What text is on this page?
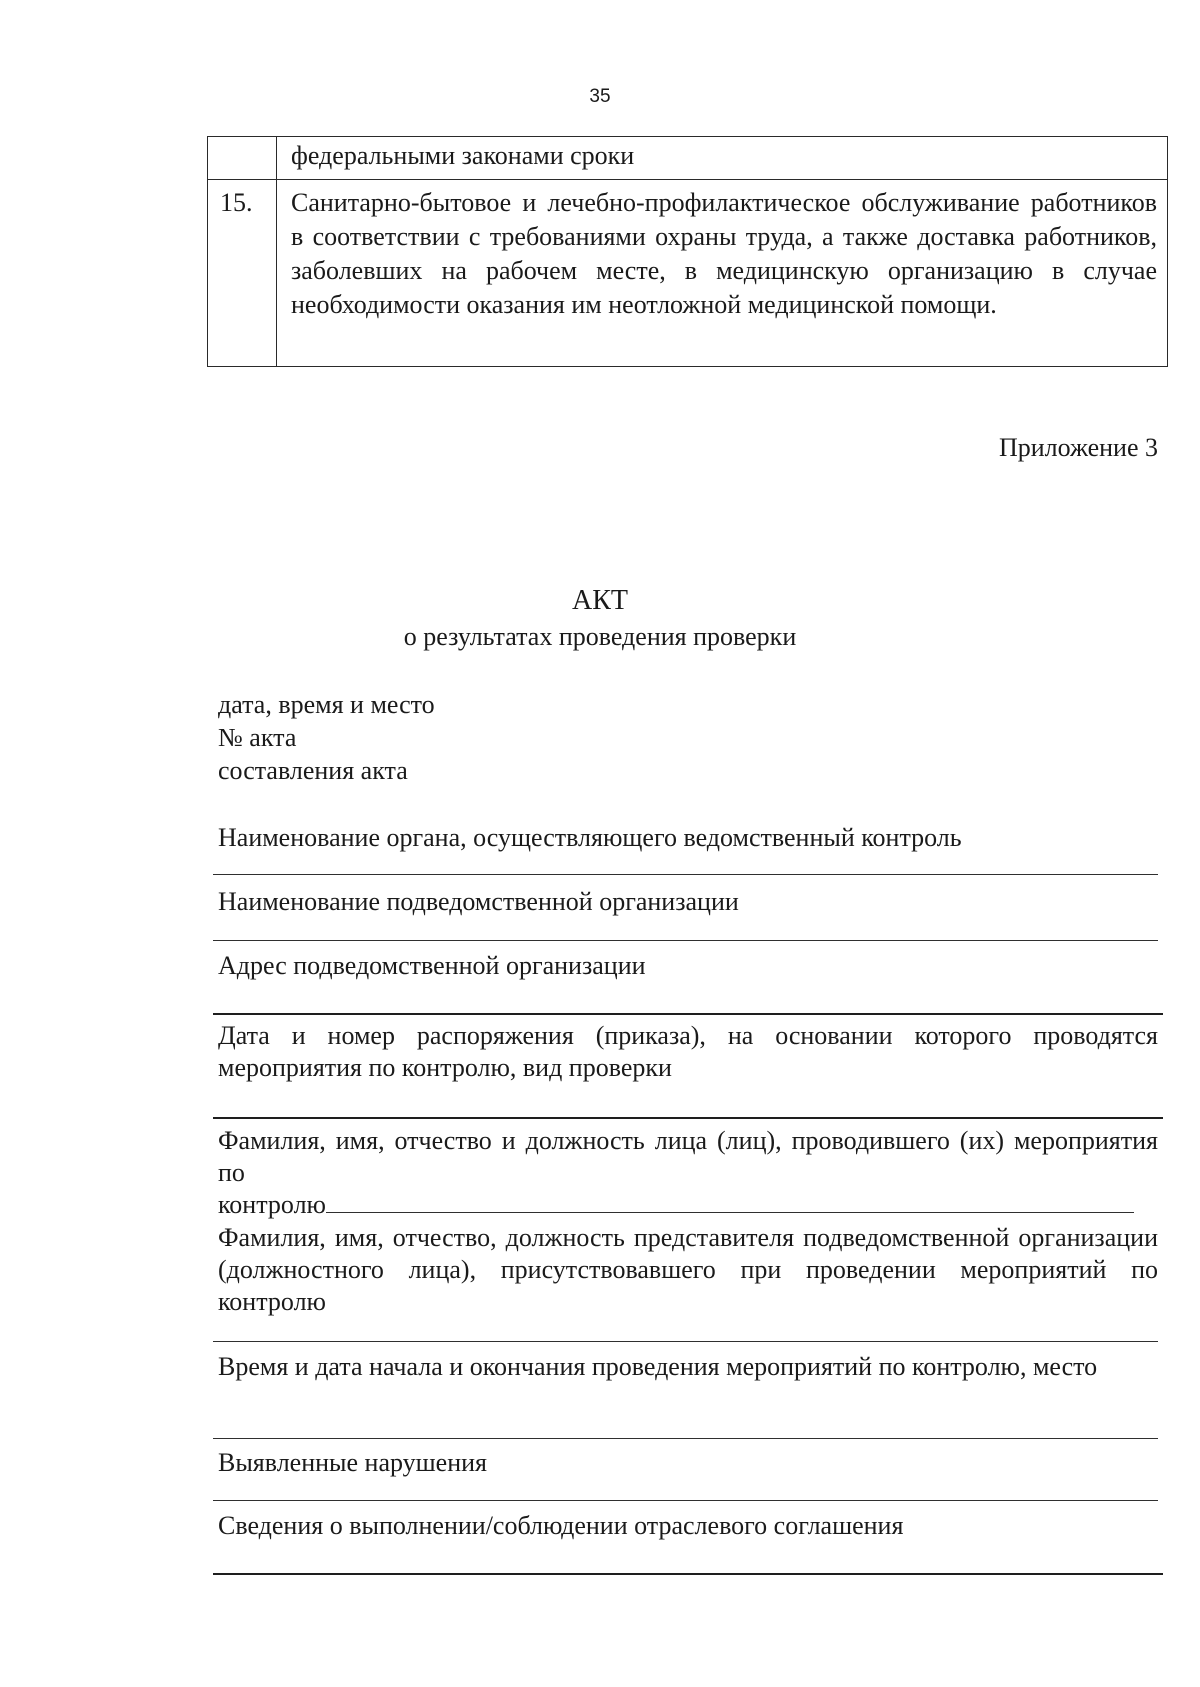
35
	федеральными законами сроки
15.	Санитарно-бытовое и лечебно-профилактическое обслуживание работников в соответствии с требованиями охраны труда, а также доставка работников, заболевших на рабочем месте, в медицинскую организацию в случае необходимости оказания им неотложной медицинской помощи.
Приложение 3
АКТ
о результатах проведения проверки
дата, время и место
№ акта
составления акта
Наименование органа, осуществляющего ведомственный контроль
Наименование подведомственной организации
Адрес подведомственной организации
Дата и номер распоряжения (приказа), на основании которого проводятся мероприятия по контролю, вид проверки
Фамилия, имя, отчество и должность лица (лиц), проводившего (их) мероприятия по
контролю
Фамилия, имя, отчество, должность представителя подведомственной организации (должностного лица), присутствовавшего при проведении мероприятий по контролю
Время и дата начала и окончания проведения мероприятий по контролю, место
Выявленные нарушения
Сведения о выполнении/соблюдении отраслевого соглашения
